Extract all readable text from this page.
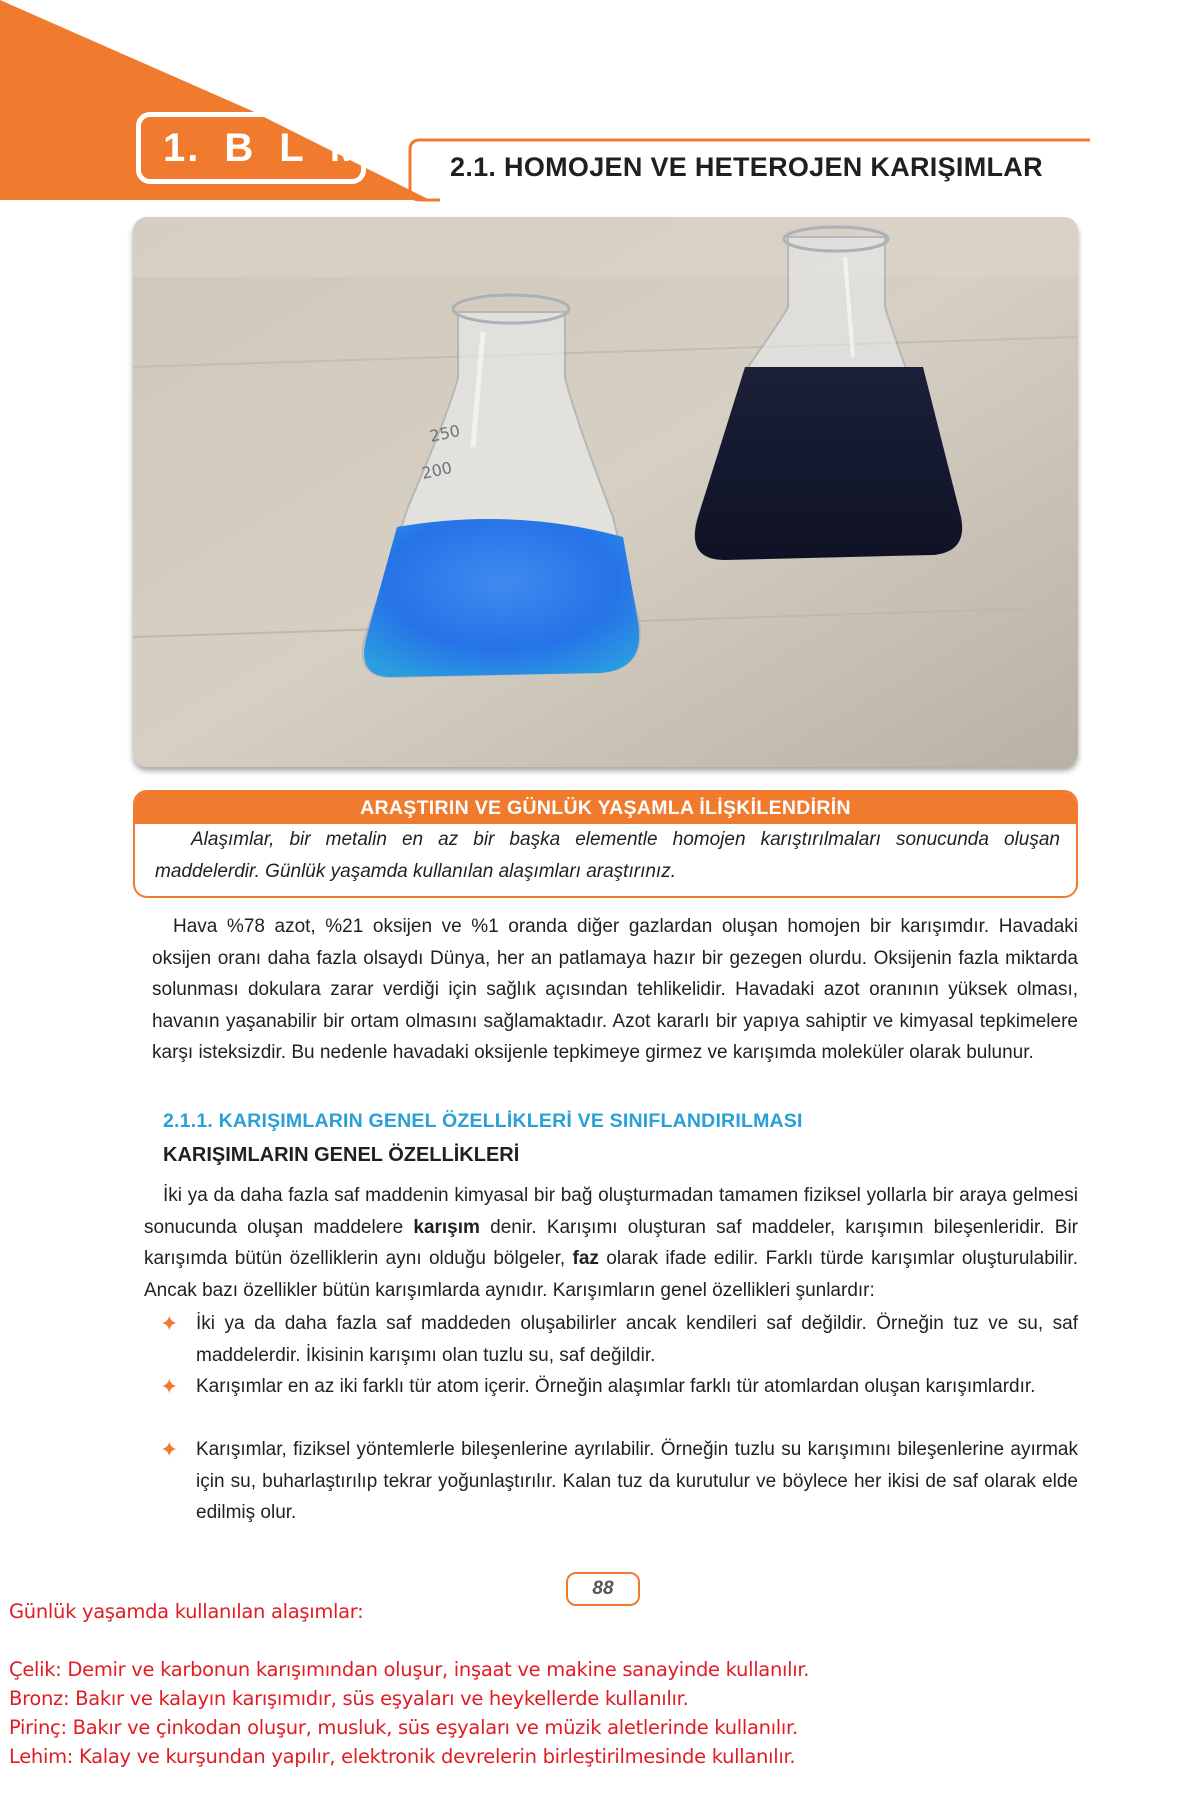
1. B L M	2.1. HOMOJEN VE HETEROJEN KARIŞIMLAR
250
200
ARAŞTIRIN VE GÜNLÜK YAŞAMLA İLİŞKİLENDİRİN
Alaşımlar, bir metalin en az bir başka elementle homojen karıştırılmaları sonucunda oluşan maddelerdir. Günlük yaşamda kullanılan alaşımları araştırınız.
Hava %78 azot, %21 oksijen ve %1 oranda diğer gazlardan oluşan homojen bir karışımdır. Havadaki oksijen oranı daha fazla olsaydı Dünya, her an patlamaya hazır bir gezegen olurdu. Oksijenin fazla miktarda solunması dokulara zarar verdiği için sağlık açısından tehlikelidir. Havadaki azot oranının yüksek olması, havanın yaşanabilir bir ortam olmasını sağlamaktadır. Azot kararlı bir yapıya sahiptir ve kimyasal tepkimelere karşı isteksizdir. Bu nedenle havadaki oksijenle tepkimeye girmez ve karışımda moleküler olarak bulunur.
2.1.1. KARIŞIMLARIN GENEL ÖZELLİKLERİ VE SINIFLANDIRILMASI
KARIŞIMLARIN GENEL ÖZELLİKLERİ
İki ya da daha fazla saf maddenin kimyasal bir bağ oluşturmadan tamamen fiziksel yollarla bir araya gelmesi sonucunda oluşan maddelere karışım denir. Karışımı oluşturan saf maddeler, karışımın bileşenleridir. Bir karışımda bütün özelliklerin aynı olduğu bölgeler, faz olarak ifade edilir. Farklı türde karışımlar oluşturulabilir. Ancak bazı özellikler bütün karışımlarda aynıdır. Karışımların genel özellikleri şunlardır:
✦ İki ya da daha fazla saf maddeden oluşabilirler ancak kendileri saf değildir. Örneğin tuz ve su, saf maddelerdir. İkisinin karışımı olan tuzlu su, saf değildir.
✦ Karışımlar en az iki farklı tür atom içerir. Örneğin alaşımlar farklı tür atomlardan oluşan karışımlardır.
✦ Karışımlar, fiziksel yöntemlerle bileşenlerine ayrılabilir. Örneğin tuzlu su karışımını bileşenlerine ayırmak için su, buharlaştırılıp tekrar yoğunlaştırılır. Kalan tuz da kurutulur ve böylece her ikisi de saf olarak elde edilmiş olur.
88
Günlük yaşamda kullanılan alaşımlar:
Çelik: Demir ve karbonun karışımından oluşur, inşaat ve makine sanayinde kullanılır.
Bronz: Bakır ve kalayın karışımıdır, süs eşyaları ve heykellerde kullanılır.
Pirinç: Bakır ve çinkodan oluşur, musluk, süs eşyaları ve müzik aletlerinde kullanılır.
Lehim: Kalay ve kurşundan yapılır, elektronik devrelerin birleştirilmesinde kullanılır.
